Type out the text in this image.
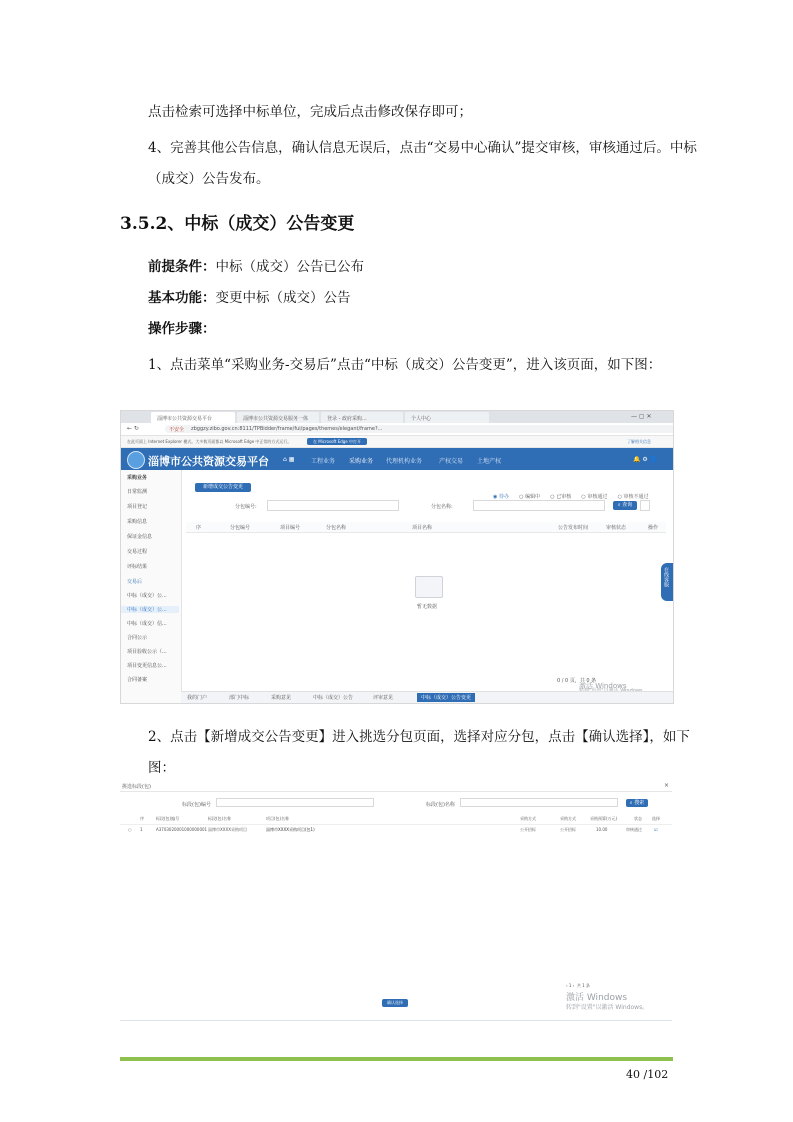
点击检索可选择中标单位，完成后点击修改保存即可；
4、完善其他公告信息，确认信息无误后，点击“交易中心确认”提交审核，审核通过后。中标（成交）公告发布。
3.5.2、中标（成交）公告变更
前提条件：中标（成交）公告已公布
基本功能：变更中标（成交）公告
操作步骤：
1、点击菜单“采购业务-交易后”点击“中标（成交）公告变更”，进入该页面，如下图：
淄博市公共资源交易平台	淄博市公共资源交易服务一体	登录 - 政府采购...	个人中心	— ▢ ✕
← ↻	不安全 zbggzy.zibo.gov.cn:8111/TPBidder/frame/fui/pages/themes/elegant/frame?...
在此页面上 Internet Explorer 模式。大多数页面都以 Microsoft Edge 中正常的方式运行。	在 Microsoft Edge 中打开	了解相关信息
淄博市公共资源交易平台 ⌂ ▦	工程业务 采购业务 代理机构业务	产权交易 土地产权	🔔 ⚙ 👤
采购业务
日常监测
项目登记
采购信息
保证金信息
交易过程
评标结果
交易后
中标（成交）公...
中标（成交）公...
中标（成交）信...
合同公示
项目验收公示（...
项目变更信息公...
合同备案
新增成交公告变更
◉ 待办 ○ 编辑中 ○ 已审核 ○ 审核通过 ○ 审核不通过
分包编号:	分包名称:	⌕ 查询
序	分包编号	项目编号	分包名称	项目名称	公告发布时间	审核状态	操作
暂无数据
在线客服
0 / 0 页，共 0 条
激活 Windows
我的门户	部门中标	采购意见	中标（成交）公告	评审意见	中标（成交）公告变更
2、点击【新增成交公告变更】进入挑选分包页面，选择对应分包，点击【确认选择】，如下图：
挑选标段(包)	×
标段(包)编号	标段(包)名称	⌕ 搜索
序	标段(包)编号	标段(包)名称	项目(包)名称	采购方式	采购方式	采购预算(万元)	状态	选择
○ 1	A3703020001000000001 淄博市XXXX采购项目	淄博市XXXX采购项目(包1)	公开招标	公开招标	10.00	审核通过	☑
‹ 1 ›  共 1 条
激活 Windows
转到"设置"以激活 Windows。
确认选择
40 /102
